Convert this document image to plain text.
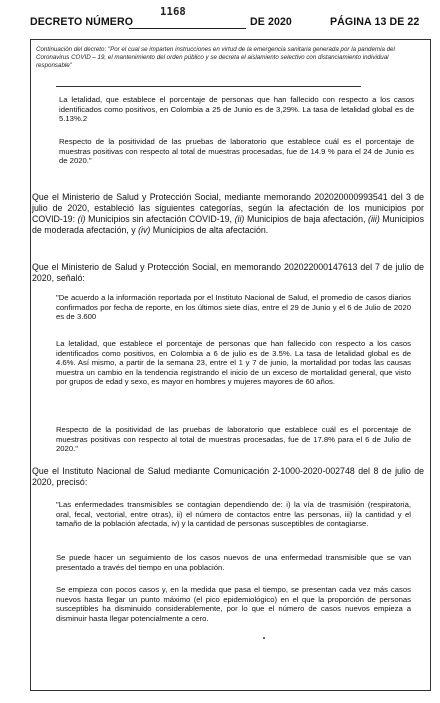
DECRETO NÚMERO
1168
DE 2020	PÁGINA 13 DE 22
Continuación del decreto: "Por el cual se imparten instrucciones en virtud de la emergencia sanitaria generada por la pandemia del Coronavirus COVID – 19, el mantenimiento del orden público y se decreta el aislamiento selectivo con distanciamiento individual responsable"
La letalidad, que establece el porcentaje de personas que han fallecido con respecto a los casos identificados como positivos, en Colombia a 25 de Junio es de 3,29%. La tasa de letalidad global es de 5.13%.2
Respecto de la positividad de las pruebas de laboratorio que establece cuál es el porcentaje de muestras positivas con respecto al total de muestras procesadas, fue de 14.9 % para el 24 de Junio es de 2020."
Que el Ministerio de Salud y Protección Social, mediante memorando 202020000993541 del 3 de julio de 2020, estableció las siguientes categorías, según la afectación de los municipios por COVID-19: (i) Municipios sin afectación COVID-19, (ii) Municipios de baja afectación, (iii) Municipios de moderada afectación, y (iv) Municipios de alta afectación.
Que el Ministerio de Salud y Protección Social, en memorando 202022000147613 del 7 de julio de 2020, señaló:
"De acuerdo a la información reportada por el Instituto Nacional de Salud, el promedio de casos diarios confirmados por fecha de reporte, en los últimos siete días, entre el 29 de Junio y el 6 de Julio de 2020 es de 3.600
La letalidad, que establece el porcentaje de personas que han fallecido con respecto a los casos identificados como positivos, en Colombia a 6 de julio es de 3.5%. La tasa de letalidad global es de 4.6%. Así mismo, a partir de la semana 23, entre el 1 y 7 de junio, la mortalidad por todas las causas muestra un cambio en la tendencia registrando el inicio de un exceso de mortalidad general, que visto por grupos de edad y sexo, es mayor en hombres y mujeres mayores de 60 años.
Respecto de la positividad de las pruebas de laboratorio que establece cuál es el porcentaje de muestras positivas con respecto al total de muestras procesadas, fue de 17.8% para el 6 de Julio de 2020."
Que el Instituto Nacional de Salud mediante Comunicación 2-1000-2020-002748 del 8 de julio de 2020, precisó:
"Las enfermedades transmisibles se contagian dependiendo de: i) la vía de trasmisión (respiratoria, oral, fecal, vectorial, entre otras), ii) el número de contactos entre las personas, iii) la cantidad y el tamaño de la población afectada, iv) y la cantidad de personas susceptibles de contagiarse.
Se puede hacer un seguimiento de los casos nuevos de una enfermedad transmisible que se van presentado a través del tiempo en una población.
Se empieza con pocos casos y, en la medida que pasa el tiempo, se presentan cada vez más casos nuevos hasta llegar un punto máximo (el pico epidemiológico) en el que la proporción de personas susceptibles ha disminuido considerablemente, por lo que el número de casos nuevos empieza a disminuir hasta llegar potencialmente a cero.
